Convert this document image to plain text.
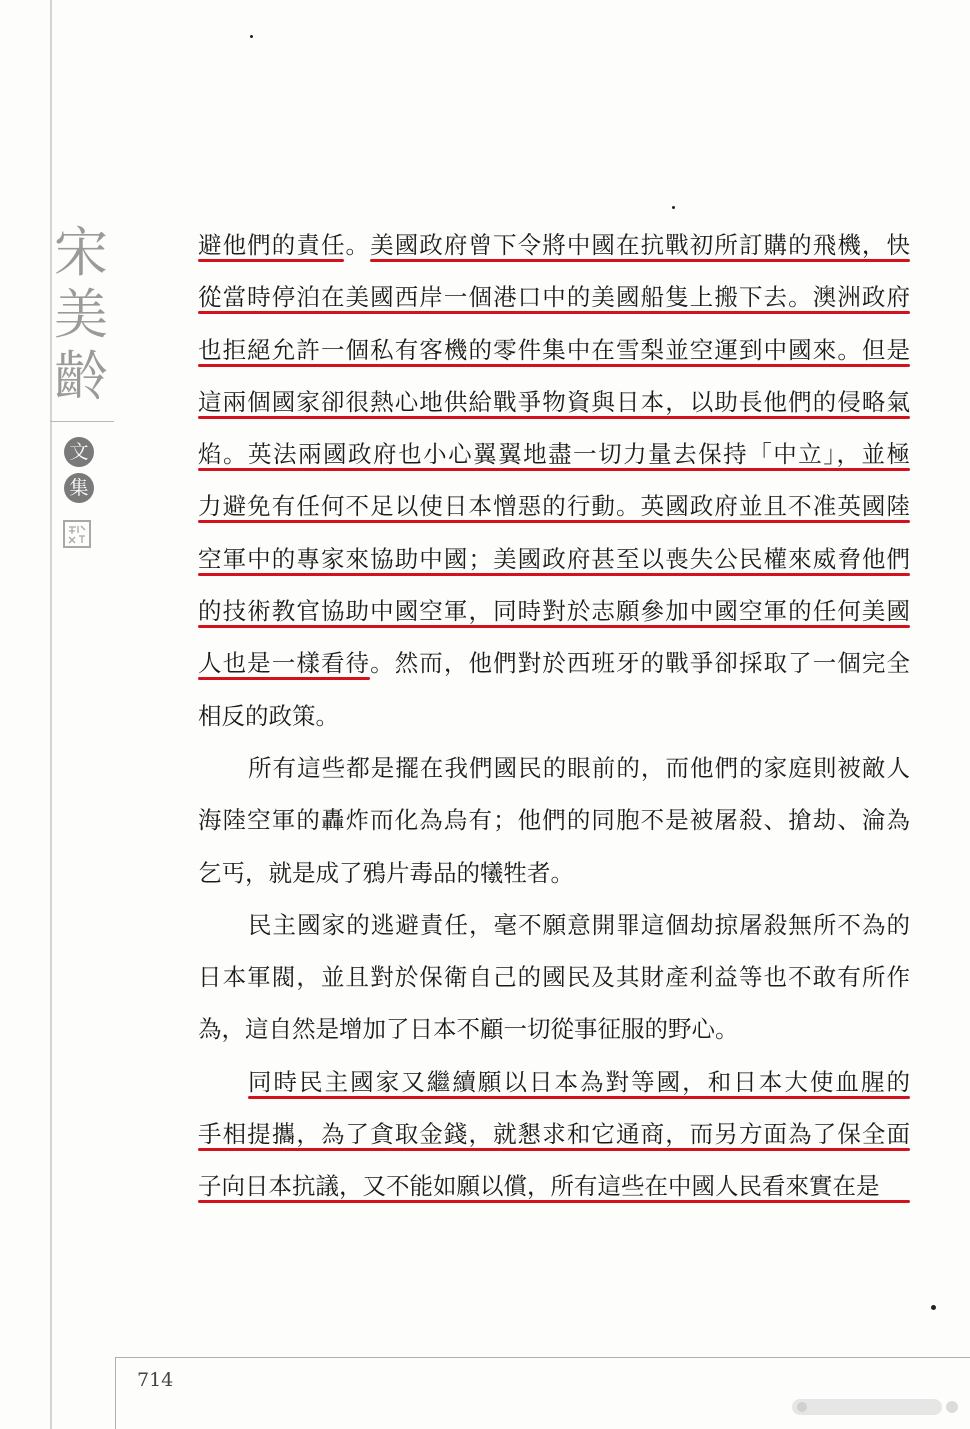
宋
美
齡
文
集
避他們的責任。美國政府曾下令將中國在抗戰初所訂購的飛機，快
從當時停泊在美國西岸一個港口中的美國船隻上搬下去。澳洲政府
也拒絕允許一個私有客機的零件集中在雪梨並空運到中國來。但是
這兩個國家卻很熱心地供給戰爭物資與日本，以助長他們的侵略氣
焰。英法兩國政府也小心翼翼地盡一切力量去保持「中立」，並極
力避免有任何不足以使日本憎惡的行動。英國政府並且不准英國陸
空軍中的專家來協助中國；美國政府甚至以喪失公民權來威脅他們
的技術教官協助中國空軍，同時對於志願參加中國空軍的任何美國
人也是一樣看待。然而，他們對於西班牙的戰爭卻採取了一個完全
相反的政策。
所有這些都是擺在我們國民的眼前的，而他們的家庭則被敵人
海陸空軍的轟炸而化為烏有；他們的同胞不是被屠殺、搶劫、淪為
乞丐，就是成了鴉片毒品的犧牲者。
民主國家的逃避責任，毫不願意開罪這個劫掠屠殺無所不為的
日本軍閥，並且對於保衛自己的國民及其財產利益等也不敢有所作
為，這自然是增加了日本不顧一切從事征服的野心。
同時民主國家又繼續願以日本為對等國，和日本大使血腥的
手相提攜，為了貪取金錢，就懇求和它通商，而另方面為了保全面
子向日本抗議，又不能如願以償，所有這些在中國人民看來實在是
714
